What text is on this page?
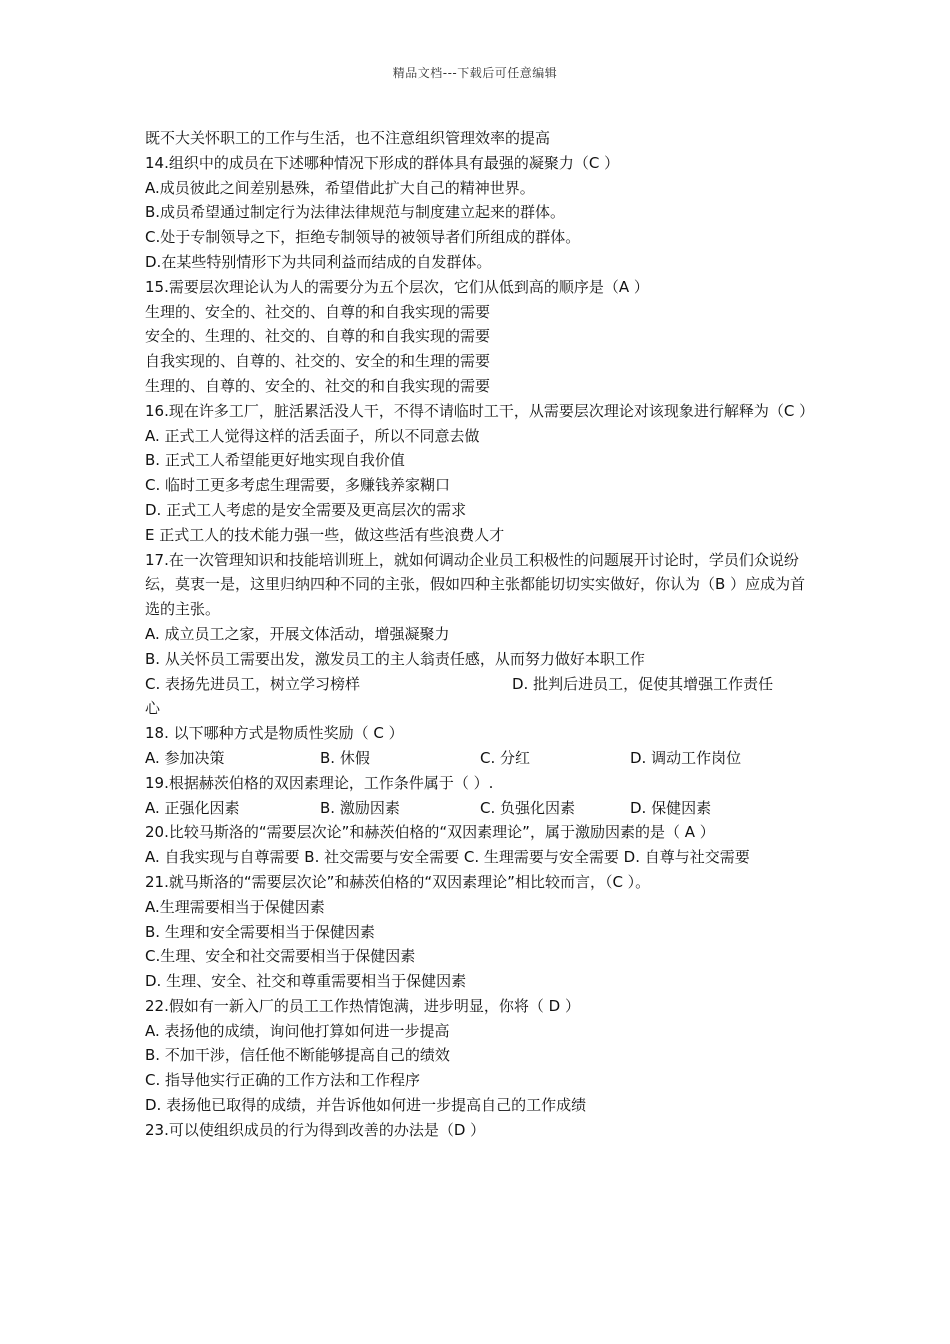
精品文档---下载后可任意编辑
既不大关怀职工的工作与生活，也不注意组织管理效率的提高
14.组织中的成员在下述哪种情况下形成的群体具有最强的凝聚力（C ）
A.成员彼此之间差别悬殊，希望借此扩大自己的精神世界。
B.成员希望通过制定行为法律法律规范与制度建立起来的群体。
C.处于专制领导之下，拒绝专制领导的被领导者们所组成的群体。
D.在某些特别情形下为共同利益而结成的自发群体。
15.需要层次理论认为人的需要分为五个层次，它们从低到高的顺序是（A ）
生理的、安全的、社交的、自尊的和自我实现的需要
安全的、生理的、社交的、自尊的和自我实现的需要
自我实现的、自尊的、社交的、安全的和生理的需要
生理的、自尊的、安全的、社交的和自我实现的需要
16.现在许多工厂，脏活累活没人干，不得不请临时工干，从需要层次理论对该现象进行解释为（C ）
A. 正式工人觉得这样的活丢面子，所以不同意去做
B. 正式工人希望能更好地实现自我价值
C. 临时工更多考虑生理需要，多赚钱养家糊口
D. 正式工人考虑的是安全需要及更高层次的需求
E 正式工人的技术能力强一些，做这些活有些浪费人才
17.在一次管理知识和技能培训班上，就如何调动企业员工积极性的问题展开讨论时，学员们众说纷纭，莫衷一是，这里归纳四种不同的主张，假如四种主张都能切切实实做好，你认为（B ）应成为首选的主张。
A. 成立员工之家，开展文体活动，增强凝聚力
B. 从关怀员工需要出发，激发员工的主人翁责任感，从而努力做好本职工作
C. 表扬先进员工，树立学习榜样	D. 批判后进员工，促使其增强工作责任
心
18. 以下哪种方式是物质性奖励（ C ）
A. 参加决策	B. 休假	C. 分红	D. 调动工作岗位
19.根据赫茨伯格的双因素理论，工作条件属于（ ）.
A. 正强化因素	B. 激励因素	C. 负强化因素	D. 保健因素
20.比较马斯洛的“需要层次论”和赫茨伯格的“双因素理论”，属于激励因素的是（ A ）
A. 自我实现与自尊需要 B. 社交需要与安全需要 C. 生理需要与安全需要 D. 自尊与社交需要
21.就马斯洛的“需要层次论”和赫茨伯格的“双因素理论”相比较而言，（C ）。
A.生理需要相当于保健因素
B. 生理和安全需要相当于保健因素
C.生理、安全和社交需要相当于保健因素
D. 生理、安全、社交和尊重需要相当于保健因素
22.假如有一新入厂的员工工作热情饱满，进步明显，你将（ D ）
A. 表扬他的成绩，询问他打算如何进一步提高
B. 不加干涉，信任他不断能够提高自己的绩效
C. 指导他实行正确的工作方法和工作程序
D. 表扬他已取得的成绩，并告诉他如何进一步提高自己的工作成绩
23.可以使组织成员的行为得到改善的办法是（D ）
